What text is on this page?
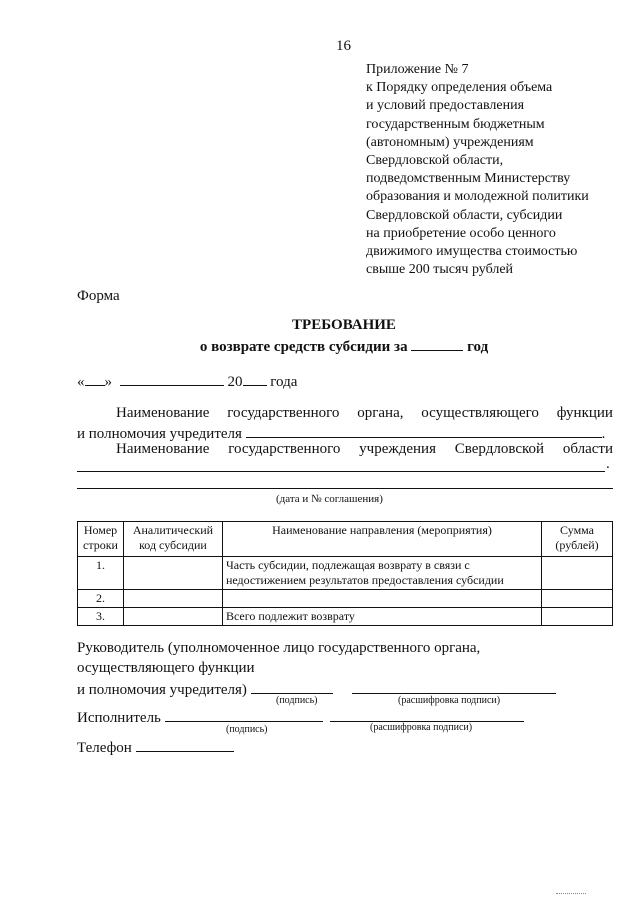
16
Приложение № 7
к Порядку определения объема
и условий предоставления
государственным бюджетным
(автономным) учреждениям
Свердловской области,
подведомственным Министерству
образования и молодежной политики
Свердловской области, субсидии
на приобретение особо ценного
движимого имущества стоимостью
свыше 200 тысяч рублей
Форма
ТРЕБОВАНИЕ
о возврате средств субсидии за	год
« »	20 года
Наименование государственного органа, осуществляющего функции
и полномочия учредителя	.
Наименование государственного учреждения Свердловской области
.
(дата и № соглашения)
Номер строки	Аналитический код субсидии	Наименование направления (мероприятия)	Сумма (рублей)
1.		Часть субсидии, подлежащая возврату в связи с недостижением результатов предоставления субсидии	
2.			
3.		Всего подлежит возврату	
Руководитель (уполномоченное лицо государственного органа,
осуществляющего функции
и полномочия учредителя)
(подпись)	(расшифровка подписи)
Исполнитель
(подпись)	(расшифровка подписи)
Телефон
